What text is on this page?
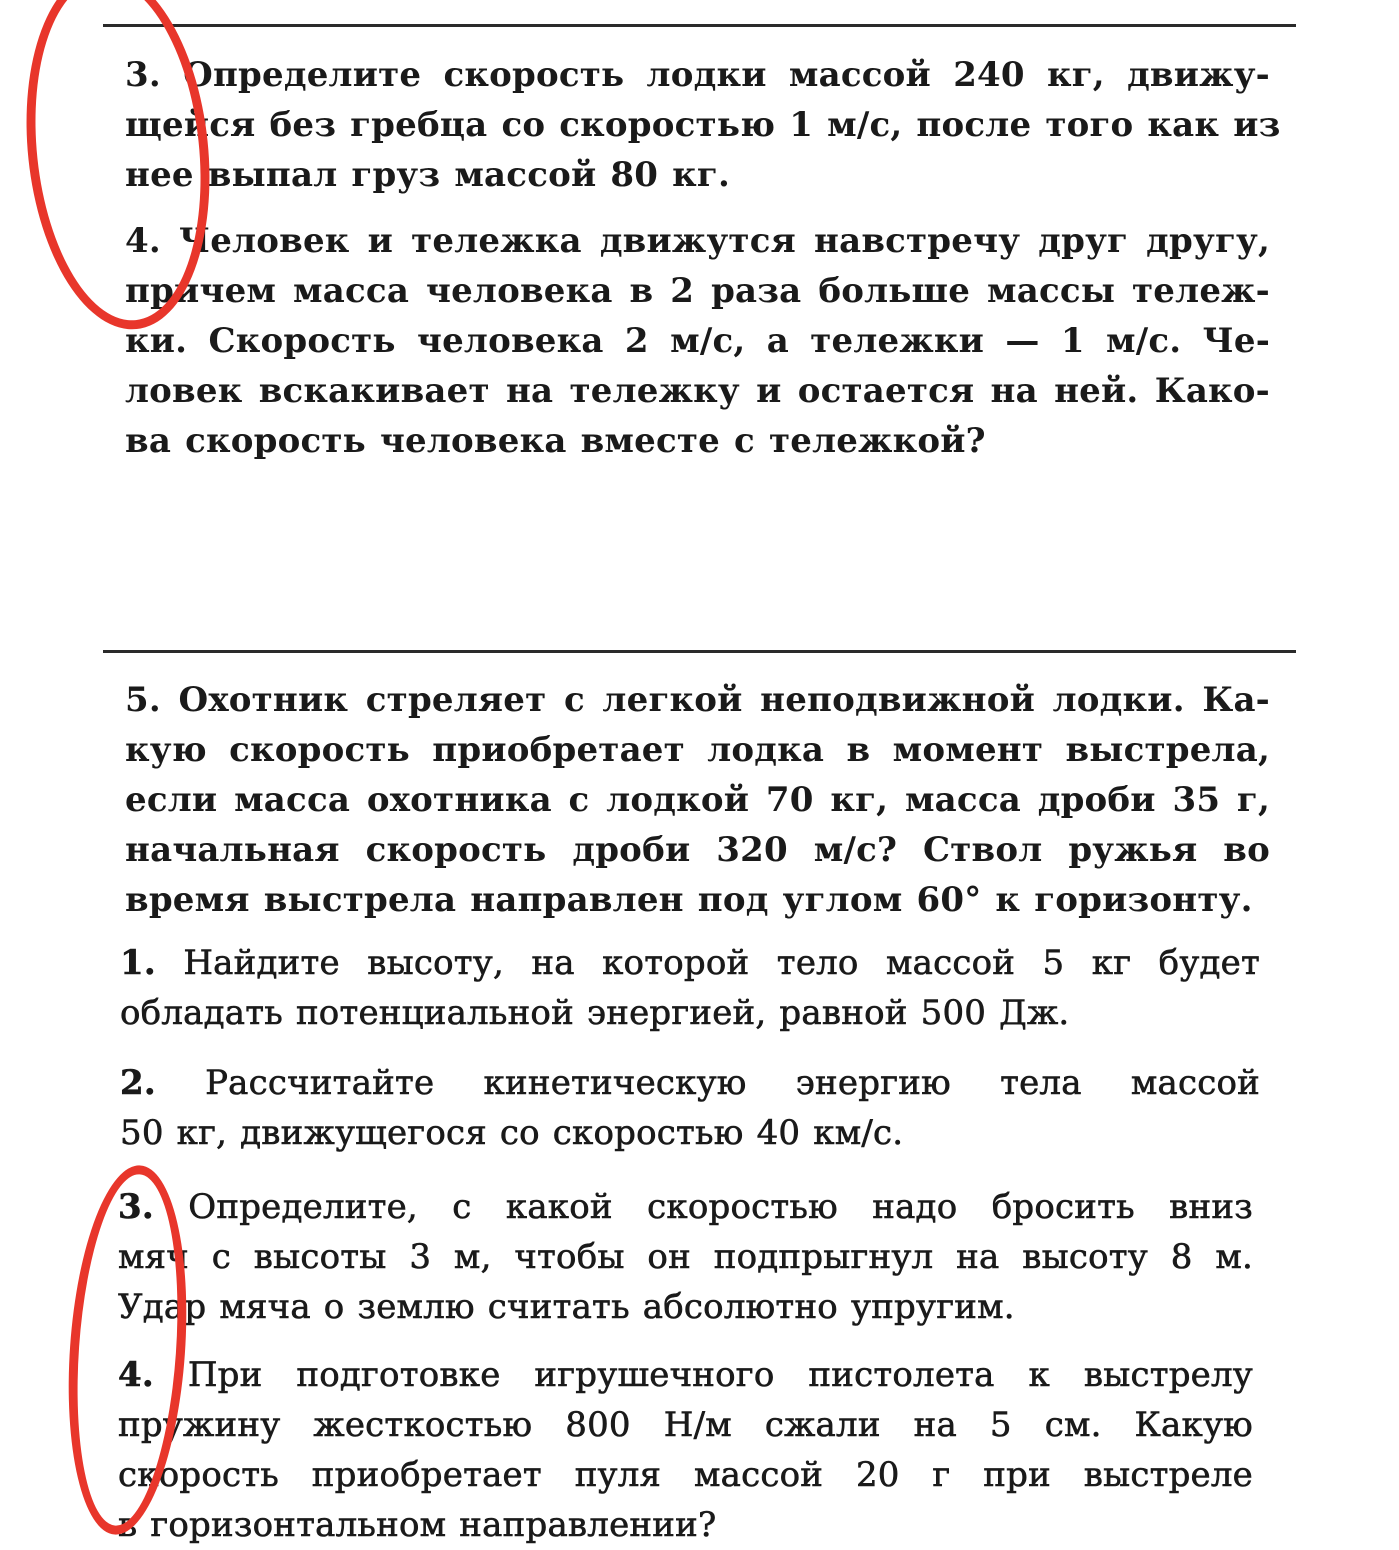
3. Определите скорость лодки массой 240 кг, движу-
щейся без гребца со скоростью 1 м/с, после того как из
нее выпал груз массой 80 кг.
4. Человек и тележка движутся навстречу друг другу,
причем масса человека в 2 раза больше массы тележ-
ки. Скорость человека 2 м/с, а тележки — 1 м/с. Че-
ловек вскакивает на тележку и остается на ней. Како-
ва скорость человека вместе с тележкой?
5. Охотник стреляет с легкой неподвижной лодки. Ка-
кую скорость приобретает лодка в момент выстрела,
если масса охотника с лодкой 70 кг, масса дроби 35 г,
начальная скорость дроби 320 м/с? Ствол ружья во
время выстрела направлен под углом 60° к горизонту.
1. Найдите высоту, на которой тело массой 5 кг будет
обладать потенциальной энергией, равной 500 Дж.
2. Рассчитайте кинетическую энергию тела массой
50 кг, движущегося со скоростью 40 км/с.
3. Определите, с какой скоростью надо бросить вниз
мяч с высоты 3 м, чтобы он подпрыгнул на высоту 8 м.
Удар мяча о землю считать абсолютно упругим.
4. При подготовке игрушечного пистолета к выстрелу
пружину жесткостью 800 Н/м сжали на 5 см. Какую
скорость приобретает пуля массой 20 г при выстреле
в горизонтальном направлении?
